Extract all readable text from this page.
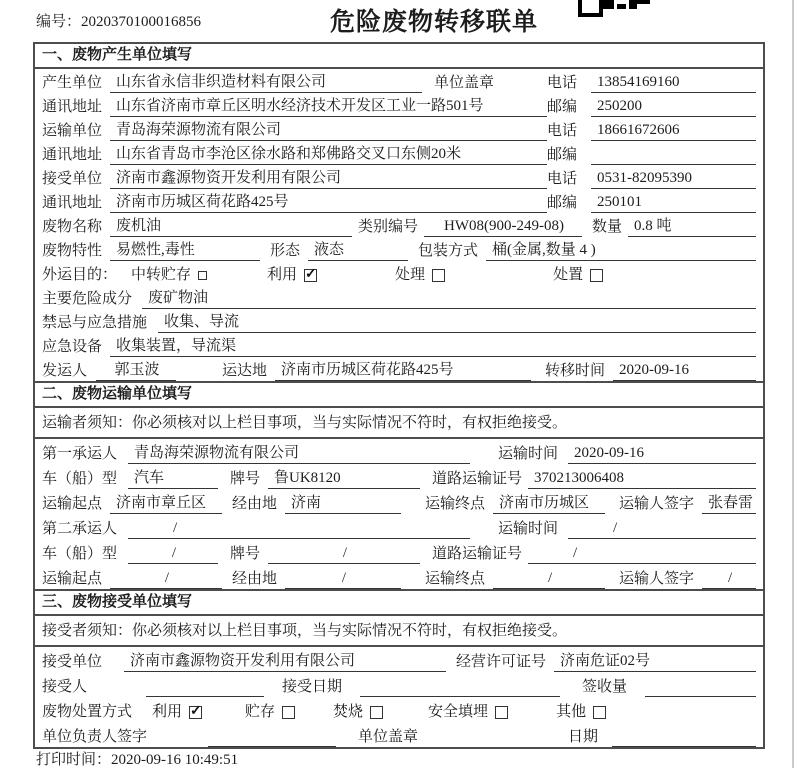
编号：2020370100016856	危险废物转移联单
一、废物产生单位填写
产生单位 山东省永信非织造材料有限公司	单位盖章	电话	13854169160
通讯地址 山东省济南市章丘区明水经济技术开发区工业一路501号	邮编	250200
运输单位 青岛海荣源物流有限公司	电话	18661672606
通讯地址 山东省青岛市李沧区徐水路和郑佛路交叉口东侧20米	邮编
接受单位 济南市鑫源物资开发利用有限公司	电话	0531-82095390
通讯地址 济南市历城区荷花路425号	邮编	250101
废物名称 废机油	类别编号	HW08(900-249-08)	数量 0.8 吨
废物特性 易燃性,毒性	形态 液态	包装方式 桶(金属,数量 4 )
外运目的： 中转贮存	利用 ✓	处理	处置
主要危险成分	废矿物油
禁忌与应急措施	收集、导流
应急设备 收集装置，导流渠
发运人	郭玉波	运达地 济南市历城区荷花路425号	转移时间 2020-09-16
二、废物运输单位填写
运输者须知：你必须核对以上栏目事项，当与实际情况不符时，有权拒绝接受。
第一承运人	青岛海荣源物流有限公司	运输时间	2020-09-16
车（船）型	汽车	牌号 鲁UK8120	道路运输证号 370213006408
运输起点 济南市章丘区	经由地 济南	运输终点 济南市历城区	运输人签字 张春雷
第二承运人	/	运输时间	/
车（船）型	/	牌号	/	道路运输证号	/
运输起点	/	经由地	/	运输终点	/	运输人签字	/
三、废物接受单位填写
接受者须知：你必须核对以上栏目事项，当与实际情况不符时，有权拒绝接受。
接受单位	济南市鑫源物资开发利用有限公司	经营许可证号 济南危证02号
接受人	接受日期	签收量
废物处置方式 利用 ✓	贮存	焚烧	安全填埋	其他
单位负责人签字	单位盖章	日期
打印时间：2020-09-16 10:49:51
